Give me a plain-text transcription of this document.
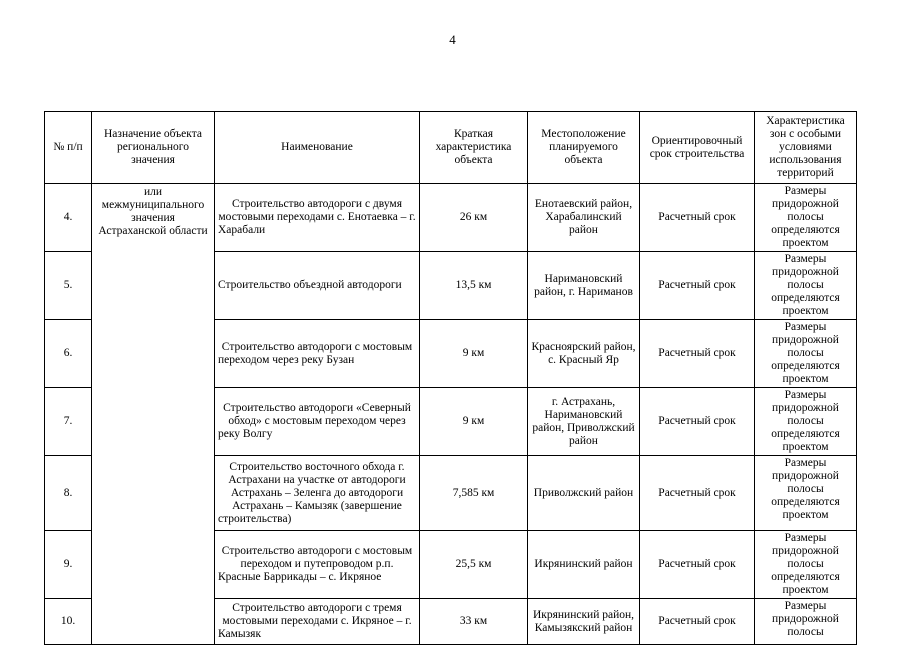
4
№ п/п	Назначение объекта регионального значения	Наименование	Краткая характеристика объекта	Местоположение планируемого объекта	Ориентировочный срок строительства	Характеристика зон с особыми условиями использования территорий
4.	или межмуниципального значения Астраханской области	Строительство автодороги с двумя мостовыми переходами с. Енотаевка – г. Харабали	26 км	Енотаевский район, Харабалинский район	Расчетный срок	Размеры придорожной полосы определяются проектом
5.		Строительство объездной автодороги	13,5 км	Наримановский район, г. Нариманов	Расчетный срок	Размеры придорожной полосы определяются проектом
6.		Строительство автодороги с мостовым переходом через реку Бузан	9 км	Красноярский район, с. Красный Яр	Расчетный срок	Размеры придорожной полосы определяются проектом
7.		Строительство автодороги «Северный обход» с мостовым переходом через реку Волгу	9 км	г. Астрахань, Наримановский район, Приволжский район	Расчетный срок	Размеры придорожной полосы определяются проектом
8.		Строительство восточного обхода г. Астрахани на участке от автодороги Астрахань – Зеленга до автодороги Астрахань – Камызяк (завершение строительства)	7,585 км	Приволжский район	Расчетный срок	Размеры придорожной полосы определяются проектом
9.		Строительство автодороги с мостовым переходом и путепроводом р.п. Красные Баррикады – с. Икряное	25,5 км	Икрянинский район	Расчетный срок	Размеры придорожной полосы определяются проектом
10.		Строительство автодороги с тремя мостовыми переходами с. Икряное – г. Камызяк	33 км	Икрянинский район, Камызякский район	Расчетный срок	Размеры придорожной полосы
